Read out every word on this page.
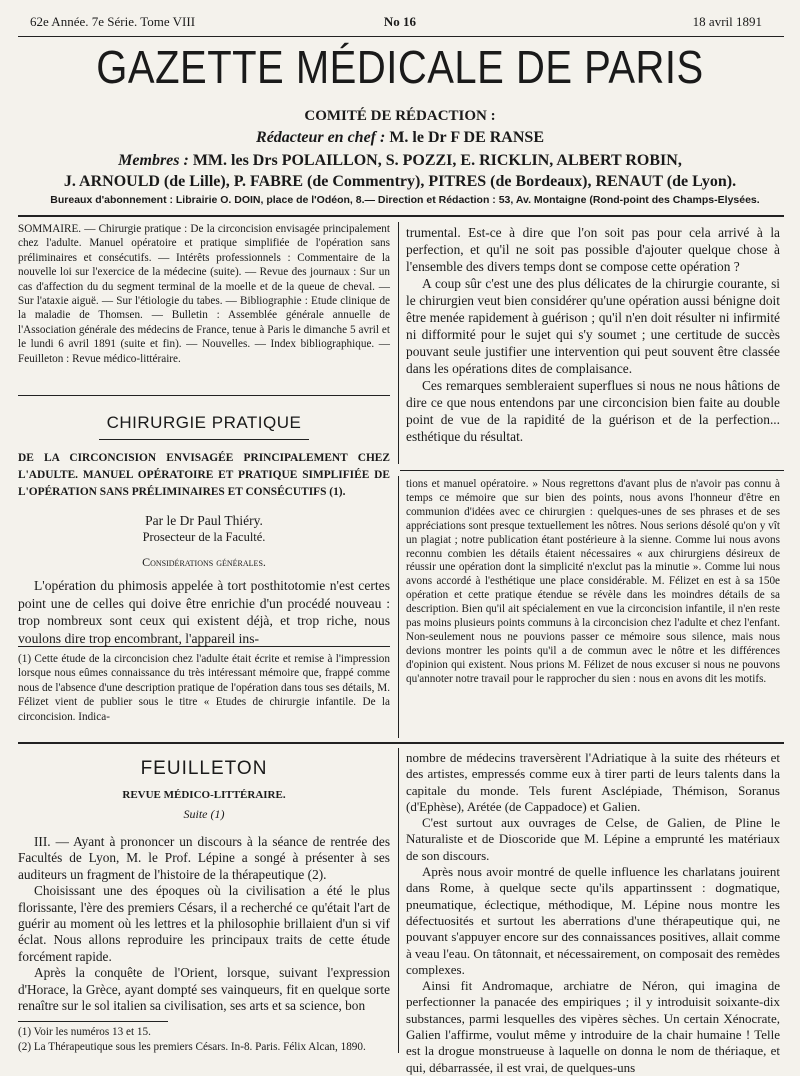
62e Année. 7e Série. Tome VIII	No 16	18 avril 1891
GAZETTE MÉDICALE DE PARIS
COMITÉ DE RÉDACTION :
Rédacteur en chef : M. le Dr F DE RANSE
Membres : MM. les Drs POLAILLON, S. POZZI, E. RICKLIN, ALBERT ROBIN,
J. ARNOULD (de Lille), P. FABRE (de Commentry), PITRES (de Bordeaux), RENAUT (de Lyon).
Bureaux d'abonnement : Librairie O. DOIN, place de l'Odéon, 8.— Direction et Rédaction : 53, Av. Montaigne (Rond-point des Champs-Elysées.
SOMMAIRE. — Chirurgie pratique : De la circoncision envisagée principalement chez l'adulte. Manuel opératoire et pratique simplifiée de l'opération sans préliminaires et consécutifs. — Intérêts professionnels : Commentaire de la nouvelle loi sur l'exercice de la médecine (suite). — Revue des journaux : Sur un cas d'affection du du segment terminal de la moelle et de la queue de cheval. — Sur l'ataxie aiguë. — Sur l'étiologie du tabes. — Bibliographie : Etude clinique de la maladie de Thomsen. — Bulletin : Assemblée générale annuelle de l'Association générale des médecins de France, tenue à Paris le dimanche 5 avril et le lundi 6 avril 1891 (suite et fin). — Nouvelles. — Index bibliographique. — Feuilleton : Revue médico-littéraire.
CHIRURGIE PRATIQUE
DE LA CIRCONCISION ENVISAGÉE PRINCIPALEMENT CHEZ L'ADULTE. MANUEL OPÉRATOIRE ET PRATIQUE SIMPLIFIÉE DE L'OPÉRATION SANS PRÉLIMINAIRES ET CONSÉCUTIFS (1).
Par le Dr Paul Thiéry.
Prosecteur de la Faculté.
Considérations générales.

L'opération du phimosis appelée à tort posthitotomie n'est certes point une de celles qui doive être enrichie d'un procédé nouveau : trop nombreux sont ceux qui existent déjà, et trop riche, nous voulons dire trop encombrant, l'appareil ins-

trumental. Est-ce à dire que l'on soit pas pour cela arrivé à la perfection, et qu'il ne soit pas possible d'ajouter quelque chose à l'ensemble des divers temps dont se compose cette opération ?

A coup sûr c'est une des plus délicates de la chirurgie courante, si le chirurgien veut bien considérer qu'une opération aussi bénigne doit être menée rapidement à guérison ; qu'il n'en doit résulter ni infirmité ni difformité pour le sujet qui s'y soumet ; une certitude de succès pouvant seule justifier une intervention qui peut souvent être classée dans les opérations dites de complaisance.

Ces remarques sembleraient superflues si nous ne nous hâtions de dire ce que nous entendons par une circoncision bien faite au double point de vue de la rapidité de la guérison et de la perfection... esthétique du résultat.

(1) Cette étude de la circoncision chez l'adulte était écrite et remise à l'impression lorsque nous eûmes connaissance du très intéressant mémoire que, frappé comme nous de l'absence d'une description pratique de l'opération dans tous ses détails, M. Félizet vient de publier sous le titre « Etudes de chirurgie infantile. De la circoncision. Indica-
tions et manuel opératoire. » Nous regrettons d'avant plus de n'avoir pas connu à temps ce mémoire que sur bien des points, nous avons l'honneur d'être en communion d'idées avec ce chirurgien : quelques-unes de ses phrases et de ses appréciations sont presque textuellement les nôtres. Nous serions désolé qu'on y vît un plagiat ; notre publication étant postérieure à la sienne. Comme lui nous avons reconnu combien les détails étaient nécessaires « aux chirurgiens désireux de réussir une opération dont la simplicité n'exclut pas la minutie ». Comme lui nous avons accordé à l'esthétique une place considérable. M. Félizet en est à sa 150e opération et cette pratique étendue se révèle dans les moindres détails de sa description. Bien qu'il ait spécialement en vue la circoncision infantile, il n'en reste pas moins plusieurs points communs à la circoncision chez l'adulte et chez l'enfant. Non-seulement nous ne pouvions passer ce mémoire sous silence, mais nous devions montrer les points qu'il a de commun avec le nôtre et les différences d'opinion qui existent. Nous prions M. Félizet de nous excuser si nous ne pouvons qu'annoter notre travail pour le rapprocher du sien : nous en avons dit les motifs.
FEUILLETON
REVUE MÉDICO-LITTÉRAIRE.
Suite (1)

III. — Ayant à prononcer un discours à la séance de rentrée des Facultés de Lyon, M. le Prof. Lépine a songé à présenter à ses auditeurs un fragment de l'histoire de la thérapeutique (2).

Choisissant une des époques où la civilisation a été le plus florissante, l'ère des premiers Césars, il a recherché ce qu'était l'art de guérir au moment où les lettres et la philosophie brillaient d'un si vif éclat. Nous allons reproduire les principaux traits de cette étude forcément rapide.

Après la conquête de l'Orient, lorsque, suivant l'expression d'Horace, la Grèce, ayant dompté ses vainqueurs, fit en quelque sorte renaître sur le sol italien sa civilisation, ses arts et sa science, bon

(1) Voir les numéros 13 et 15.

(2) La Thérapeutique sous les premiers Césars. In-8. Paris. Félix Alcan, 1890.

nombre de médecins traversèrent l'Adriatique à la suite des rhéteurs et des artistes, empressés comme eux à tirer parti de leurs talents dans la capitale du monde. Tels furent Asclépiade, Thémison, Soranus (d'Ephèse), Arétée (de Cappadoce) et Galien.

C'est surtout aux ouvrages de Celse, de Galien, de Pline le Naturaliste et de Dioscoride que M. Lépine a emprunté les matériaux de son discours.

Après nous avoir montré de quelle influence les charlatans jouirent dans Rome, à quelque secte qu'ils appartinssent : dogmatique, pneumatique, éclectique, méthodique, M. Lépine nous montre les défectuosités et surtout les aberrations d'une thérapeutique qui, ne pouvant s'appuyer encore sur des connaissances positives, allait comme à veau l'eau. On tâtonnait, et nécessairement, on composait des remèdes complexes.

Ainsi fit Andromaque, archiatre de Néron, qui imagina de perfectionner la panacée des empiriques ; il y introduisit soixante-dix substances, parmi lesquelles des vipères sèches. Un certain Xénocrate, Galien l'affirme, voulut même y introduire de la chair humaine ! Telle est la drogue monstrueuse à laquelle on donna le nom de thériaque, et qui, débarrassée, il est vrai, de quelques-uns
